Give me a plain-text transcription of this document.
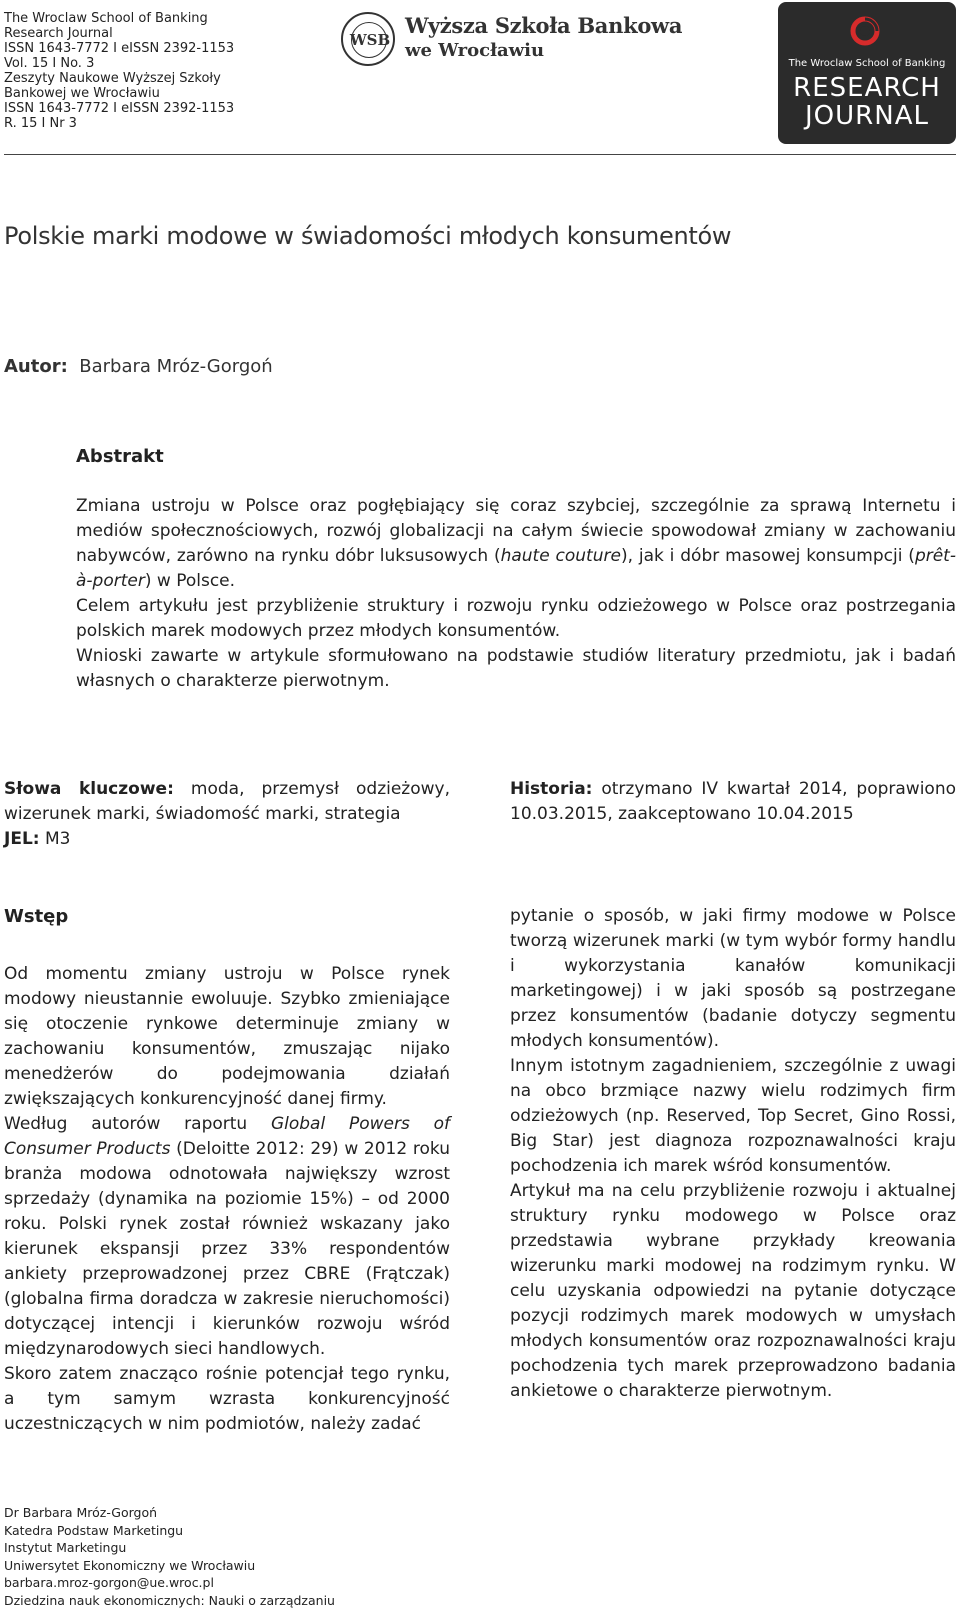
The Wroclaw School of Banking
Research Journal
ISSN 1643-7772 I eISSN 2392-1153
Vol. 15 I No. 3
Zeszyty Naukowe Wyższej Szkoły
Bankowej we Wrocławiu
ISSN 1643-7772 I eISSN 2392-1153
R. 15 I Nr 3
WSB
Wyższa Szkoła Bankowa
we Wrocławiu
The Wroclaw School of Banking
RESEARCH
JOURNAL
Polskie marki modowe w świadomości młodych konsumentów
Autor: Barbara Mróz-Gorgoń
Abstrakt

Zmiana ustroju w Polsce oraz pogłębiający się coraz szybciej, szczególnie za sprawą Internetu i mediów społecznościowych, rozwój globalizacji na całym świecie spowodował zmiany w zachowaniu nabywców, zarówno na rynku dóbr luksusowych (haute couture), jak i dóbr masowej konsumpcji (prêt-à-porter) w Polsce.

Celem artykułu jest przybliżenie struktury i rozwoju rynku odzieżowego w Polsce oraz postrzegania polskich marek modowych przez młodych konsumentów.

Wnioski zawarte w artykule sformułowano na podstawie studiów literatury przedmiotu, jak i badań własnych o charakterze pierwotnym.

Słowa kluczowe: moda, przemysł odzieżowy, wizerunek marki, świadomość marki, strategia

JEL: M3

Historia: otrzymano IV kwartał 2014, poprawiono 10.03.2015, zaakceptowano 10.04.2015
Wstęp

Od momentu zmiany ustroju w Polsce rynek modowy nieustannie ewoluuje. Szybko zmieniające się otoczenie rynkowe determinuje zmiany w zachowaniu konsumentów, zmuszając nijako menedżerów do podejmowania działań zwiększających konkurencyjność danej firmy.

Według autorów raportu Global Powers of Consumer Products (Deloitte 2012: 29) w 2012 roku branża modowa odnotowała największy wzrost sprzedaży (dynamika na poziomie 15%) – od 2000 roku. Polski rynek został również wskazany jako kierunek ekspansji przez 33% respondentów ankiety przeprowadzonej przez CBRE (Frątczak) (globalna firma doradcza w zakresie nieruchomości) dotyczącej intencji i kierunków rozwoju wśród międzynarodowych sieci handlowych.

Skoro zatem znacząco rośnie potencjał tego rynku, a tym samym wzrasta konkurencyjność uczestniczących w nim podmiotów, należy zadać

pytanie o sposób, w jaki firmy modowe w Polsce tworzą wizerunek marki (w tym wybór formy handlu i wykorzystania kanałów komunikacji marketingowej) i w jaki sposób są postrzegane przez konsumentów (badanie dotyczy segmentu młodych konsumentów).

Innym istotnym zagadnieniem, szczególnie z uwagi na obco brzmiące nazwy wielu rodzimych firm odzieżowych (np. Reserved, Top Secret, Gino Rossi, Big Star) jest diagnoza rozpoznawalności kraju pochodzenia ich marek wśród konsumentów.

Artykuł ma na celu przybliżenie rozwoju i aktualnej struktury rynku modowego w Polsce oraz przedstawia wybrane przykłady kreowania wizerunku marki modowej na rodzimym rynku. W celu uzyskania odpowiedzi na pytanie dotyczące pozycji rodzimych marek modowych w umysłach młodych konsumentów oraz rozpoznawalności kraju pochodzenia tych marek przeprowadzono badania ankietowe o charakterze pierwotnym.

Dr Barbara Mróz-Gorgoń
Katedra Podstaw Marketingu
Instytut Marketingu
Uniwersytet Ekonomiczny we Wrocławiu
barbara.mroz-gorgon@ue.wroc.pl
Dziedzina nauk ekonomicznych: Nauki o zarządzaniu
